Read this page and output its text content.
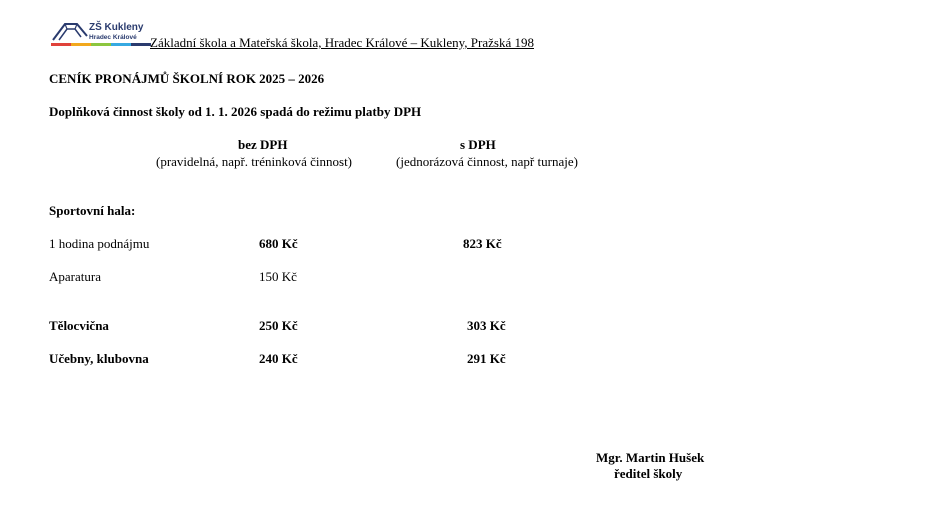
ZŠ Kukleny
Hradec Králové Základní škola a Mateřská škola, Hradec Králové – Kukleny, Pražská 198
CENÍK PRONÁJMŮ ŠKOLNÍ ROK 2025 – 2026
Doplňková činnost školy od 1. 1. 2026 spadá do režimu platby DPH
bez DPH
(pravidelná, např. tréninková činnost)
s DPH
(jednorázová činnost, např turnaje)
Sportovní hala:
1 hodina podnájmu	680 Kč	823 Kč
Aparatura	150 Kč
Tělocvična	250 Kč	303 Kč
Učebny, klubovna	240 Kč	291 Kč
Mgr. Martin Hušek
ředitel školy
